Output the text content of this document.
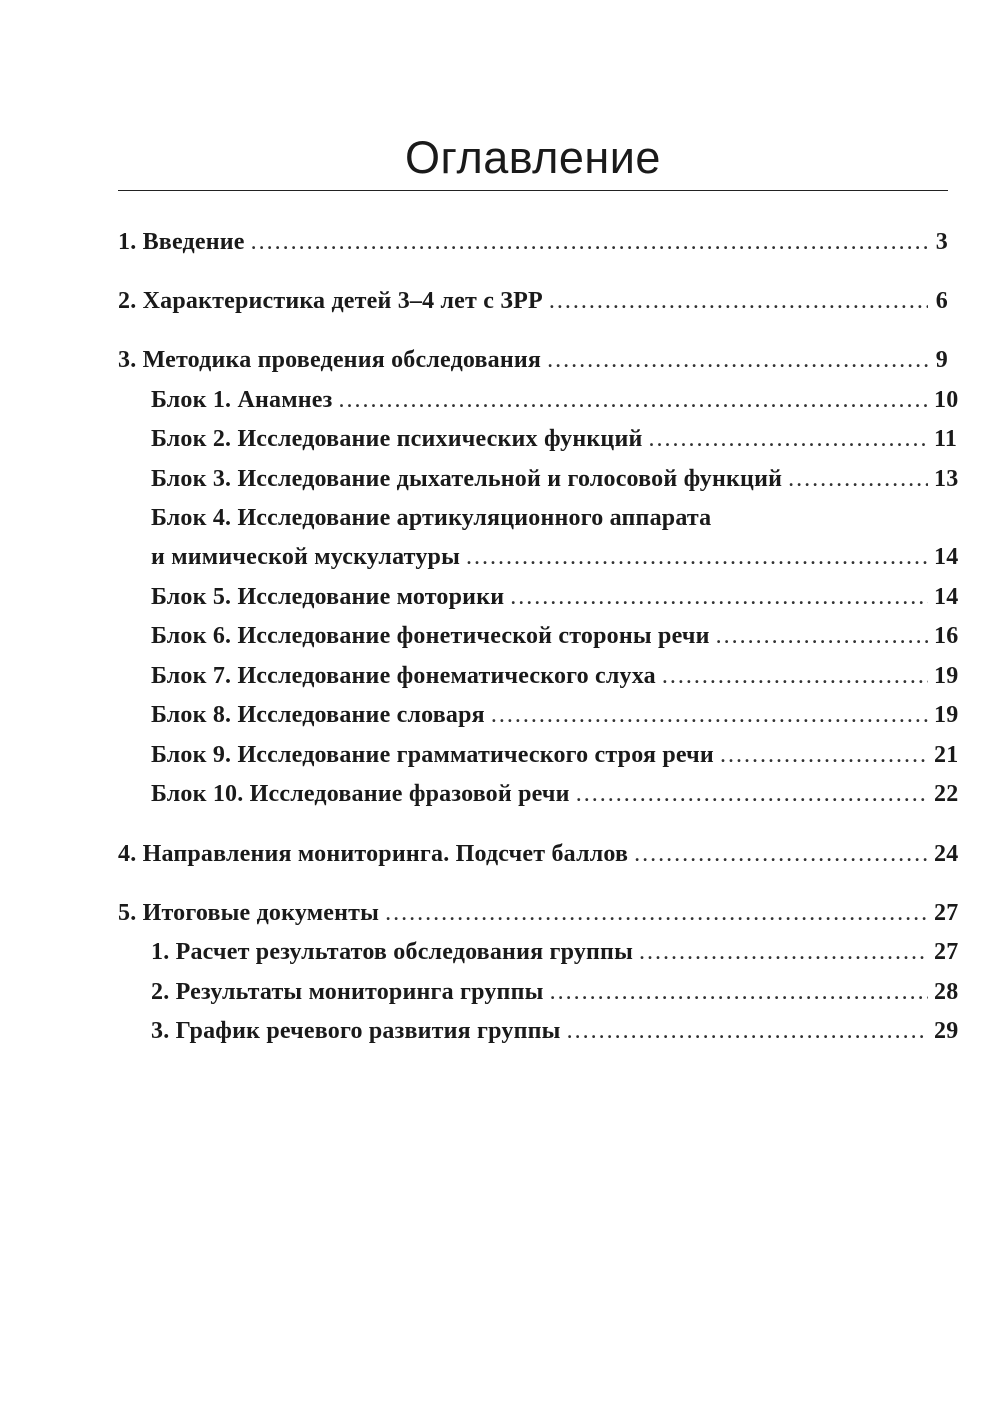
Оглавление
1. Введение .....	3
2. Характеристика детей 3–4 лет с ЗРР .....	6
3. Методика проведения обследования .....	9
Блок 1. Анамнез .....	10
Блок 2. Исследование психических функций .....	11
Блок 3. Исследование дыхательной и голосовой функций .....	13
Блок 4. Исследование артикуляционного аппарата
и мимической мускулатуры .....	14
Блок 5. Исследование моторики .....	14
Блок 6. Исследование фонетической стороны речи .....	16
Блок 7. Исследование фонематического слуха .....	19
Блок 8. Исследование словаря .....	19
Блок 9. Исследование грамматического строя речи .....	21
Блок 10. Исследование фразовой речи .....	22
4. Направления мониторинга. Подсчет баллов .....	24
5. Итоговые документы .....	27
1. Расчет результатов обследования группы .....	27
2. Результаты мониторинга группы .....	28
3. График речевого развития группы .....	29
